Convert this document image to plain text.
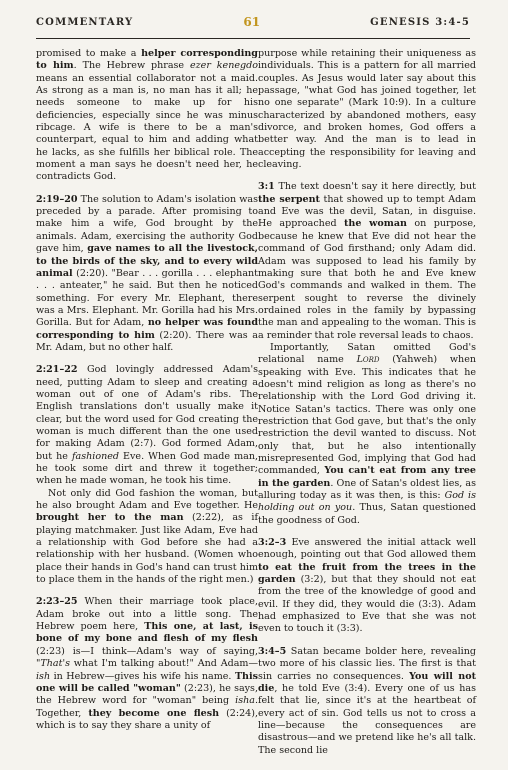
COMMENTARY	61	GENESIS 3:4-5

promised to make a helper corresponding to him. The Hebrew phrase ezer kenegdo means an essential collaborator not a maid. As strong as a man is, no man has it all; he needs someone to make up for his deficiencies, especially since he was minus ribcage. A wife is there to be a man's counterpart, equal to him and adding what he lacks, as she fulfills her biblical role. The moment a man says he doesn't need her, he contradicts God.

2:19–20 The solution to Adam's isolation was preceded by a parade. After promising to make him a wife, God brought by the animals. Adam, exercising the authority God gave him, gave names to all the livestock, to the birds of the sky, and to every wild animal (2:20). "Bear . . . gorilla . . . elephant . . . anteater," he said. But then he noticed something. For every Mr. Elephant, there was a Mrs. Elephant. Mr. Gorilla had his Mrs. Gorilla. But for Adam, no helper was found corresponding to him (2:20). There was a Mr. Adam, but no other half.

2:21–22 God lovingly addressed Adam's need, putting Adam to sleep and creating a woman out of one of Adam's ribs. The English translations don't usually make it clear, but the word used for God creating the woman is much different than the one used for making Adam (2:7). God formed Adam, but he fashioned Eve. When God made man, he took some dirt and threw it together; when he made woman, he took his time.

Not only did God fashion the woman, but he also brought Adam and Eve together. He brought her to the man (2:22), as if playing matchmaker. Just like Adam, Eve had a relationship with God before she had a relationship with her husband. (Women who place their hands in God's hand can trust him to place them in the hands of the right men.)

2:23–25 When their marriage took place, Adam broke out into a little song. The Hebrew poem here, This one, at last, is bone of my bone and flesh of my flesh (2:23) is—I think—Adam's way of saying, "That's what I'm talking about!" And Adam—ish in Hebrew—gives his wife his name. This one will be called "woman" (2:23), he says, the Hebrew word for "woman" being isha. Together, they become one flesh (2:24), which is to say they share a unity of

purpose while retaining their uniqueness as individuals. This is a pattern for all married couples. As Jesus would later say about this passage, "what God has joined together, let no one separate" (Mark 10:9). In a culture characterized by abandoned mothers, easy divorce, and broken homes, God offers a better way. And the man is to lead in accepting the responsibility for leaving and cleaving.

3:1 The text doesn't say it here directly, but the serpent that showed up to tempt Adam and Eve was the devil, Satan, in disguise. He approached the woman on purpose, because he knew that Eve did not hear the command of God firsthand; only Adam did. Adam was supposed to lead his family by making sure that both he and Eve knew God's commands and walked in them. The serpent sought to reverse the divinely ordained roles in the family by bypassing the man and appealing to the woman. This is a reminder that role reversal leads to chaos.

Importantly, Satan omitted God's relational name Lord (Yahweh) when speaking with Eve. This indicates that he doesn't mind religion as long as there's no relationship with the Lord God driving it. Notice Satan's tactics. There was only one restriction that God gave, but that's the only restriction the devil wanted to discuss. Not only that, but he also intentionally misrepresented God, implying that God had commanded, You can't eat from any tree in the garden. One of Satan's oldest lies, as alluring today as it was then, is this: God is holding out on you. Thus, Satan questioned the goodness of God.

3:2–3 Eve answered the initial attack well enough, pointing out that God allowed them to eat the fruit from the trees in the garden (3:2), but that they should not eat from the tree of the knowledge of good and evil. If they did, they would die (3:3). Adam had emphasized to Eve that she was not even to touch it (3:3).

3:4–5 Satan became bolder here, revealing two more of his classic lies. The first is that sin carries no consequences. You will not die, he told Eve (3:4). Every one of us has felt that lie, since it's at the heartbeat of every act of sin. God tells us not to cross a line—because the consequences are disastrous—and we pretend like he's all talk. The second lie
